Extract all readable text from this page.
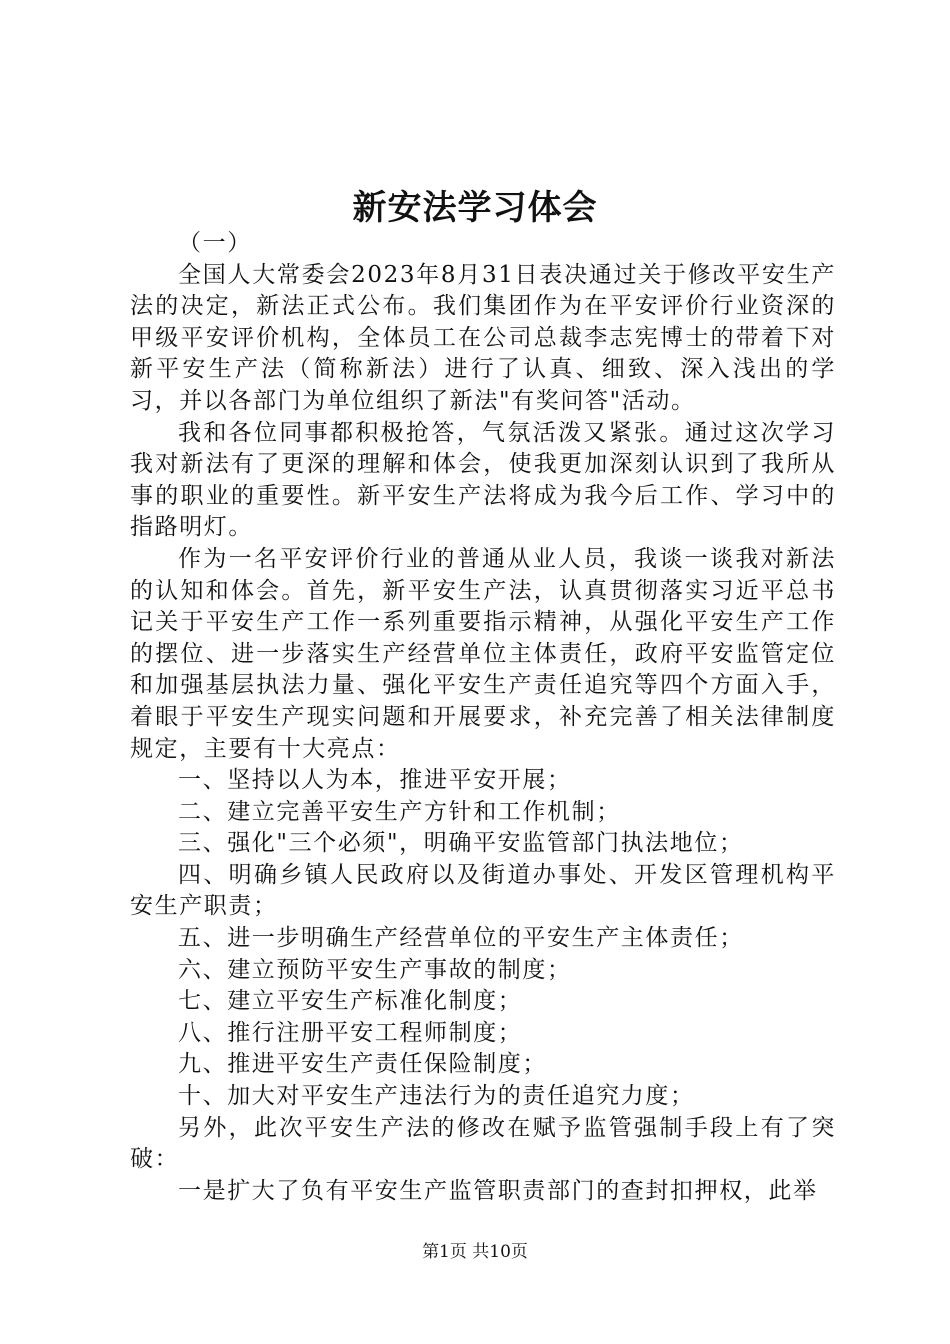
新安法学习体会

（一）

全国人大常委会2023年8月31日表决通过关于修改平安生产法的决定，新法正式公布。我们集团作为在平安评价行业资深的甲级平安评价机构，全体员工在公司总裁李志宪博士的带着下对新平安生产法（简称新法）进行了认真、细致、深入浅出的学习，并以各部门为单位组织了新法"有奖问答"活动。

我和各位同事都积极抢答，气氛活泼又紧张。通过这次学习我对新法有了更深的理解和体会，使我更加深刻认识到了我所从事的职业的重要性。新平安生产法将成为我今后工作、学习中的指路明灯。

作为一名平安评价行业的普通从业人员，我谈一谈我对新法的认知和体会。首先，新平安生产法，认真贯彻落实习近平总书记关于平安生产工作一系列重要指示精神，从强化平安生产工作的摆位、进一步落实生产经营单位主体责任，政府平安监管定位和加强基层执法力量、强化平安生产责任追究等四个方面入手，着眼于平安生产现实问题和开展要求，补充完善了相关法律制度规定，主要有十大亮点：

一、坚持以人为本，推进平安开展；

二、建立完善平安生产方针和工作机制；

三、强化"三个必须"，明确平安监管部门执法地位；

四、明确乡镇人民政府以及街道办事处、开发区管理机构平安生产职责；

五、进一步明确生产经营单位的平安生产主体责任；

六、建立预防平安生产事故的制度；

七、建立平安生产标准化制度；

八、推行注册平安工程师制度；

九、推进平安生产责任保险制度；

十、加大对平安生产违法行为的责任追究力度；

另外，此次平安生产法的修改在赋予监管强制手段上有了突破：

一是扩大了负有平安生产监管职责部门的查封扣押权，此举

第1页 共10页
